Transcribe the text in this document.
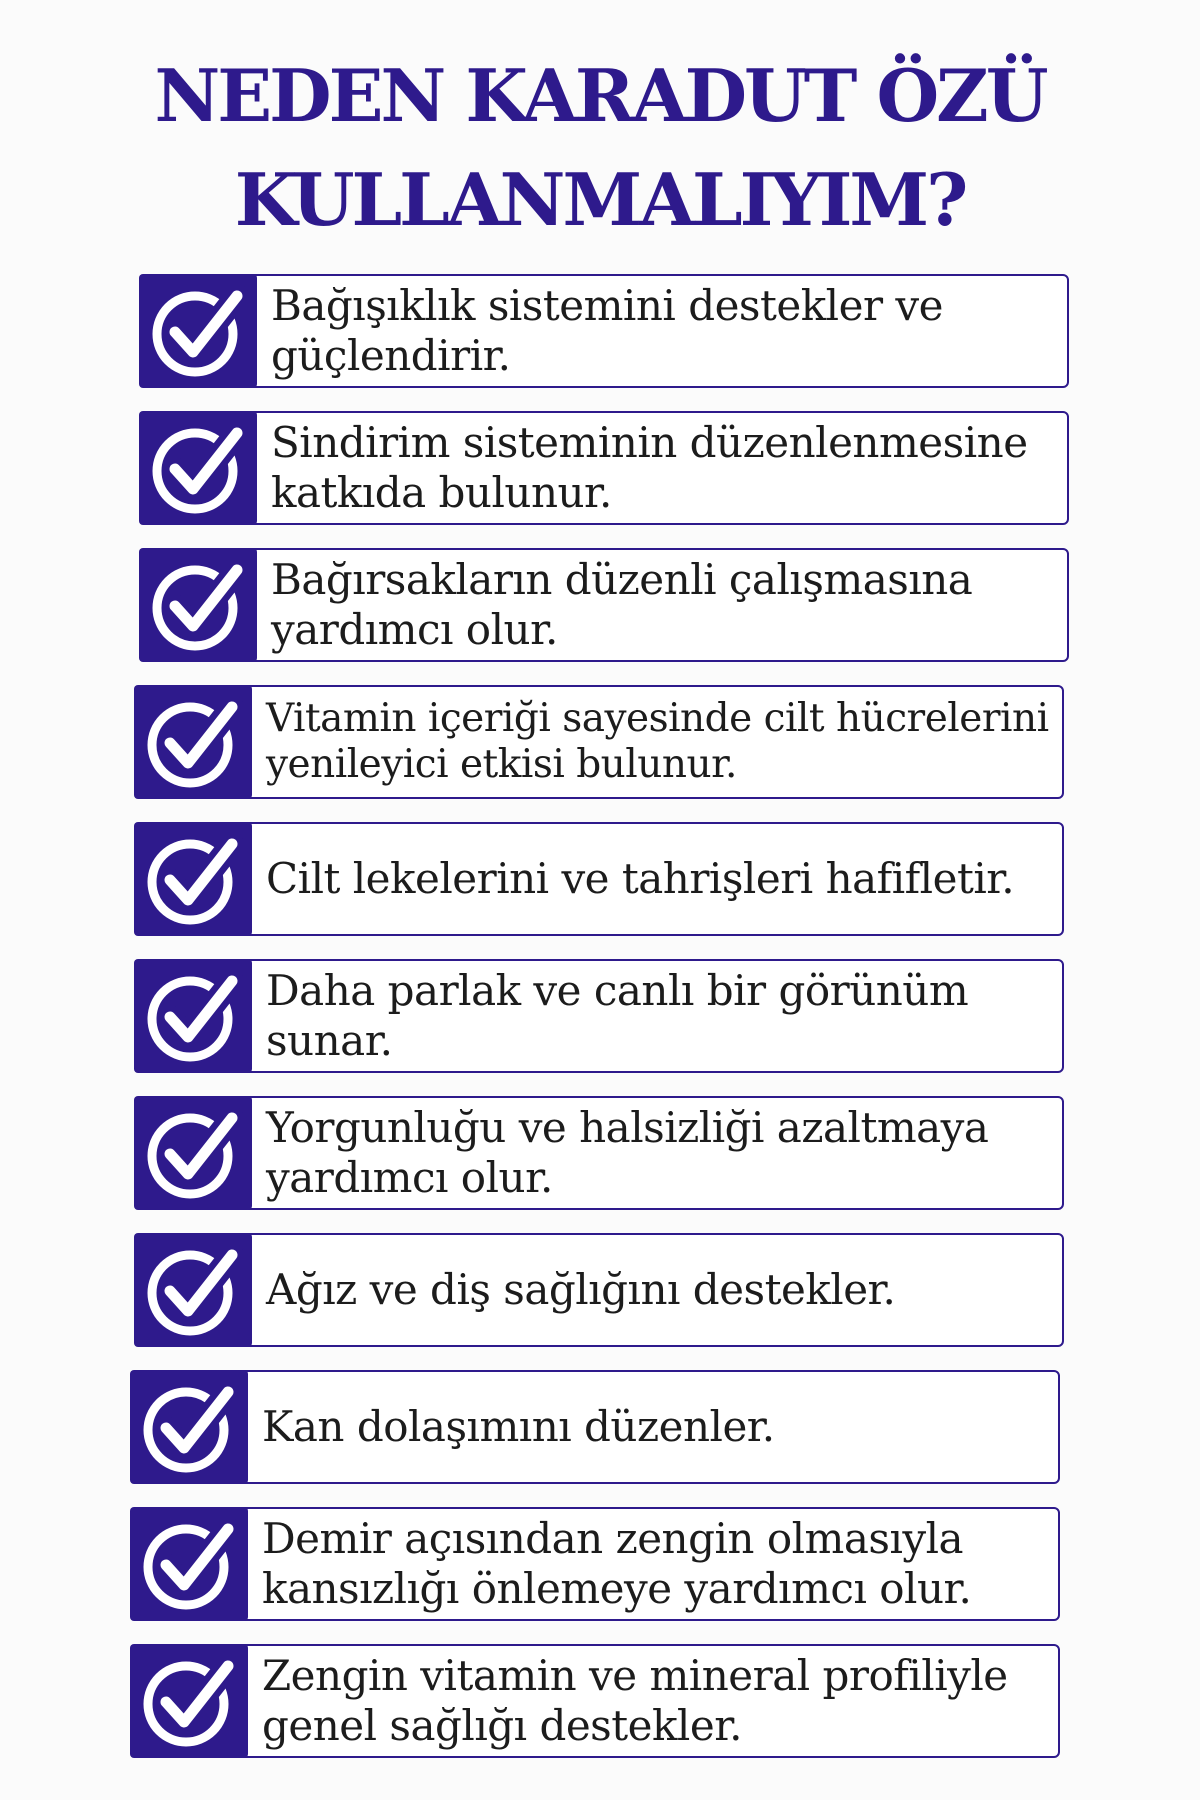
NEDEN KARADUT ÖZÜ
KULLANMALIYIM?
Bağışıklık sistemini destekler ve güçlendirir.
Sindirim sisteminin düzenlenmesine katkıda bulunur.
Bağırsakların düzenli çalışmasına yardımcı olur.
Vitamin içeriği sayesinde cilt hücrelerini yenileyici etkisi bulunur.
Cilt lekelerini ve tahrişleri hafifletir.
Daha parlak ve canlı bir görünüm sunar.
Yorgunluğu ve halsizliği azaltmaya yardımcı olur.
Ağız ve diş sağlığını destekler.
Kan dolaşımını düzenler.
Demir açısından zengin olmasıyla kansızlığı önlemeye yardımcı olur.
Zengin vitamin ve mineral profiliyle genel sağlığı destekler.
